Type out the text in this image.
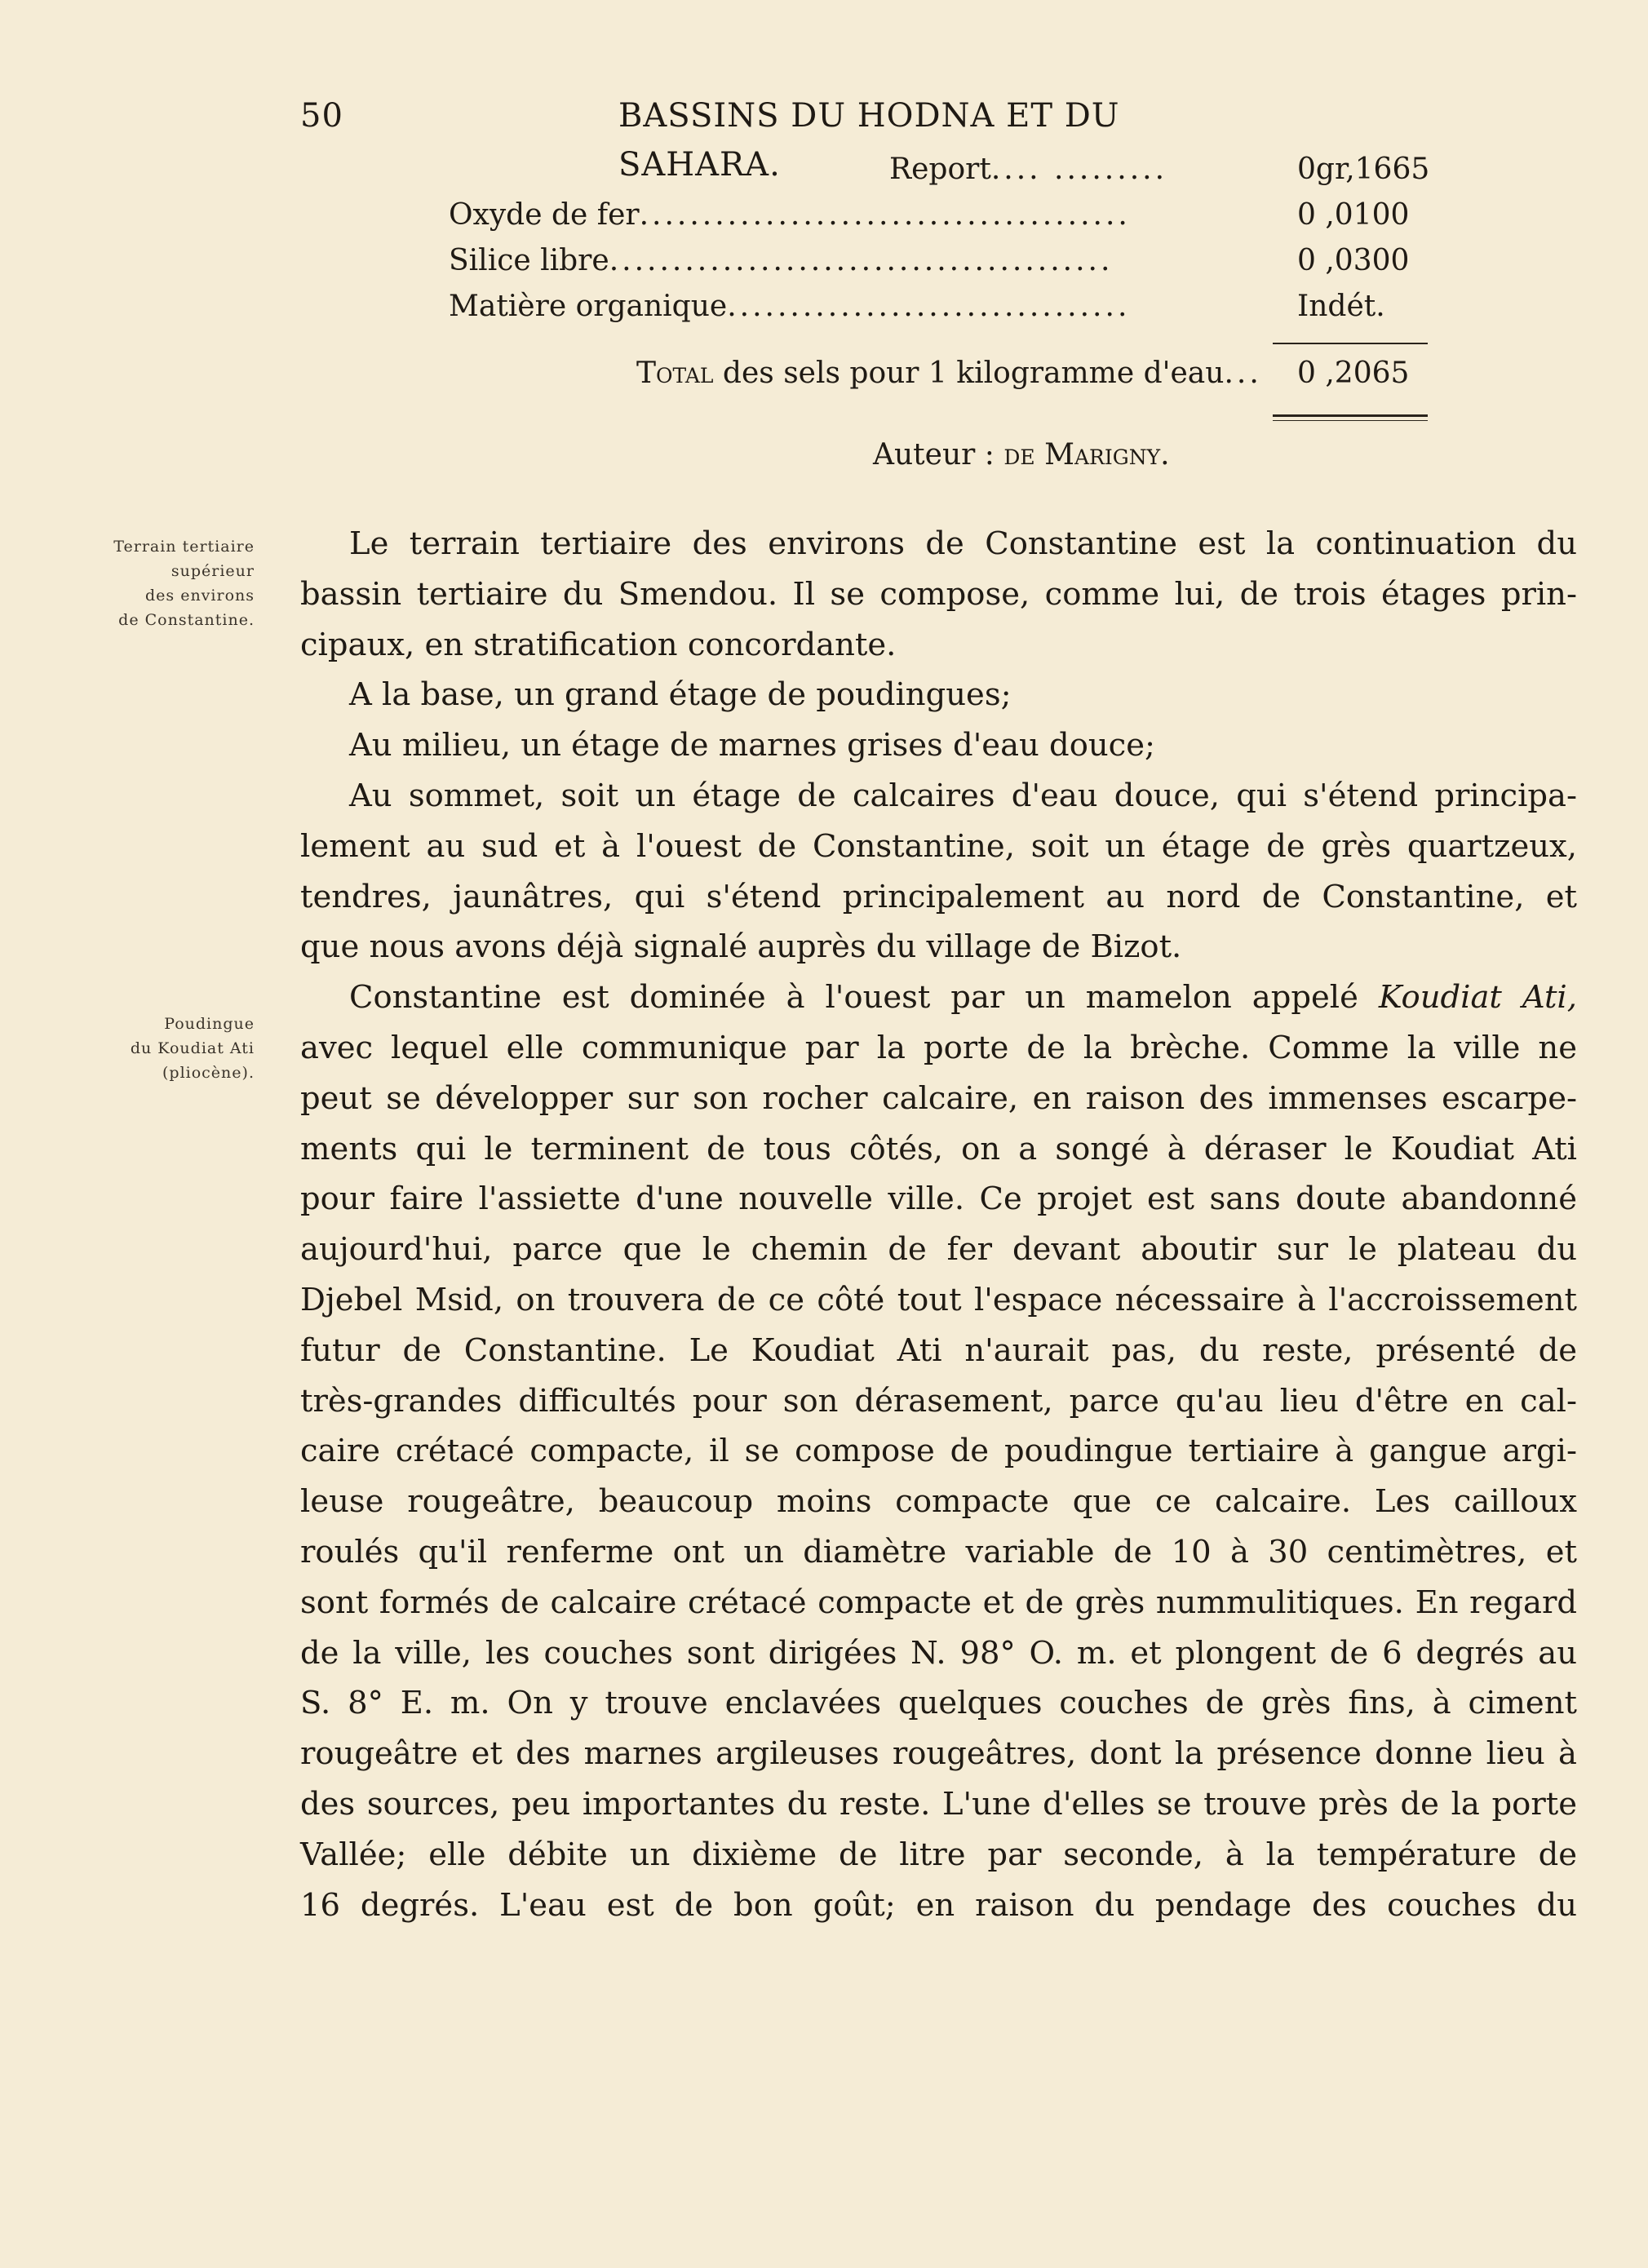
50	BASSINS DU HODNA ET DU SAHARA.	Report.... .........	0gr,1665
Oxyde de fer.......................................	0 ,0100
Silice libre........................................	0 ,0300
Matière organique................................	Indét.
Total des sels pour 1 kilogramme d'eau... 0 ,2065
Auteur : de Marigny.
Terrain tertiaire
supérieur
des environs
de Constantine.
Poudingue
du Koudiat Ati
(pliocène).
Le terrain tertiaire des environs de Constantine est la continuation du
bassin tertiaire du Smendou. Il se compose, comme lui, de trois étages prin-
cipaux, en stratification concordante.
A la base, un grand étage de poudingues;
Au milieu, un étage de marnes grises d'eau douce;
Au sommet, soit un étage de calcaires d'eau douce, qui s'étend principa-
lement au sud et à l'ouest de Constantine, soit un étage de grès quartzeux,
tendres, jaunâtres, qui s'étend principalement au nord de Constantine, et
que nous avons déjà signalé auprès du village de Bizot.
Constantine est dominée à l'ouest par un mamelon appelé Koudiat Ati,
avec lequel elle communique par la porte de la brèche. Comme la ville ne
peut se développer sur son rocher calcaire, en raison des immenses escarpe-
ments qui le terminent de tous côtés, on a songé à déraser le Koudiat Ati
pour faire l'assiette d'une nouvelle ville. Ce projet est sans doute abandonné
aujourd'hui, parce que le chemin de fer devant aboutir sur le plateau du
Djebel Msid, on trouvera de ce côté tout l'espace nécessaire à l'accroissement
futur de Constantine. Le Koudiat Ati n'aurait pas, du reste, présenté de
très-grandes difficultés pour son dérasement, parce qu'au lieu d'être en cal-
caire crétacé compacte, il se compose de poudingue tertiaire à gangue argi-
leuse rougeâtre, beaucoup moins compacte que ce calcaire. Les cailloux
roulés qu'il renferme ont un diamètre variable de 10 à 30 centimètres, et
sont formés de calcaire crétacé compacte et de grès nummulitiques. En regard
de la ville, les couches sont dirigées N. 98° O. m. et plongent de 6 degrés au
S. 8° E. m. On y trouve enclavées quelques couches de grès fins, à ciment
rougeâtre et des marnes argileuses rougeâtres, dont la présence donne lieu à
des sources, peu importantes du reste. L'une d'elles se trouve près de la porte
Vallée; elle débite un dixième de litre par seconde, à la température de
16 degrés. L'eau est de bon goût; en raison du pendage des couches du
